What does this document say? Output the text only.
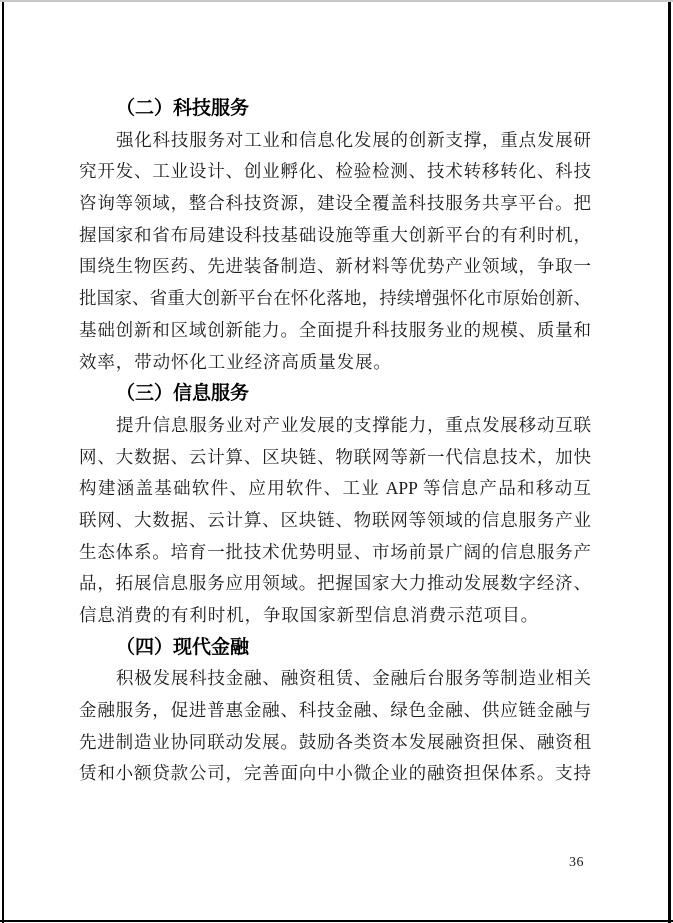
（二）科技服务
强化科技服务对工业和信息化发展的创新支撑，重点发展研
究开发、工业设计、创业孵化、检验检测、技术转移转化、科技
咨询等领域，整合科技资源，建设全覆盖科技服务共享平台。把
握国家和省布局建设科技基础设施等重大创新平台的有利时机，
围绕生物医药、先进装备制造、新材料等优势产业领域，争取一
批国家、省重大创新平台在怀化落地，持续增强怀化市原始创新、
基础创新和区域创新能力。全面提升科技服务业的规模、质量和
效率，带动怀化工业经济高质量发展。
（三）信息服务
提升信息服务业对产业发展的支撑能力，重点发展移动互联
网、大数据、云计算、区块链、物联网等新一代信息技术，加快
构建涵盖基础软件、应用软件、工业 APP 等信息产品和移动互
联网、大数据、云计算、区块链、物联网等领域的信息服务产业
生态体系。培育一批技术优势明显、市场前景广阔的信息服务产
品，拓展信息服务应用领域。把握国家大力推动发展数字经济、
信息消费的有利时机，争取国家新型信息消费示范项目。
（四）现代金融
积极发展科技金融、融资租赁、金融后台服务等制造业相关
金融服务，促进普惠金融、科技金融、绿色金融、供应链金融与
先进制造业协同联动发展。鼓励各类资本发展融资担保、融资租
赁和小额贷款公司，完善面向中小微企业的融资担保体系。支持
36
